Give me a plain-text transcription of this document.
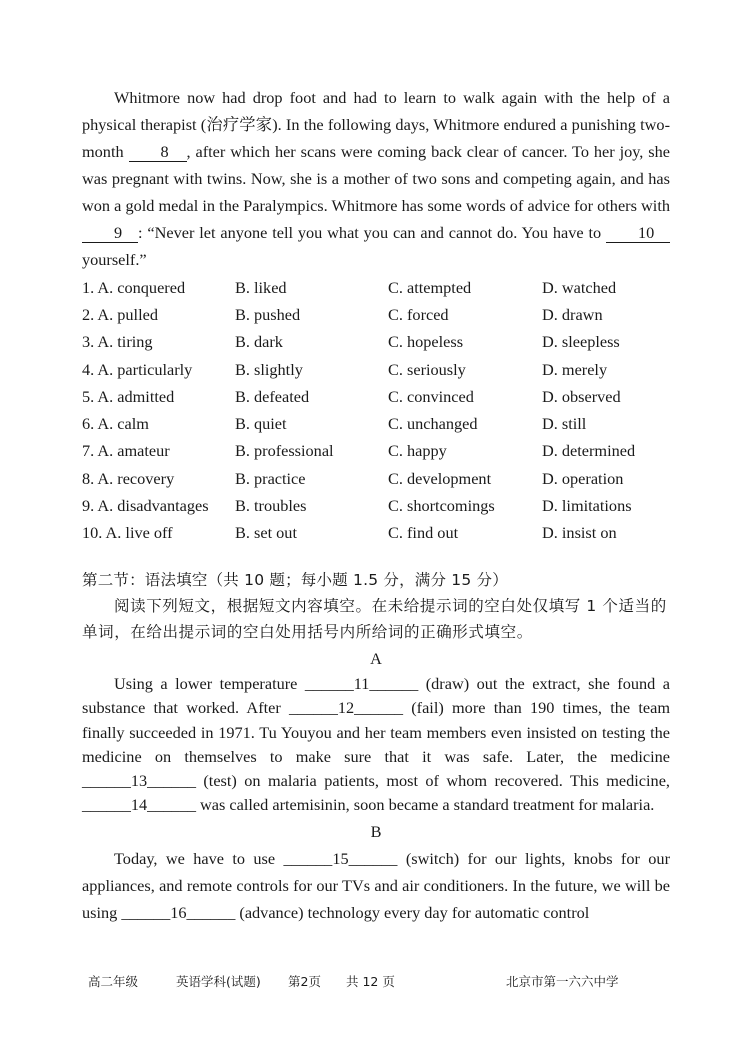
Whitmore now had drop foot and had to learn to walk again with the help of a physical therapist (治疗学家). In the following days, Whitmore endured a punishing two-month 8 , after which her scans were coming back clear of cancer. To her joy, she was pregnant with twins. Now, she is a mother of two sons and competing again, and has won a gold medal in the Paralympics. Whitmore has some words of advice for others with 9 : “Never let anyone tell you what you can and cannot do. You have to 10 yourself.”

1. A. conquered	B. liked	C. attempted	D. watched
2. A. pulled	B. pushed	C. forced	D. drawn
3. A. tiring	B. dark	C. hopeless	D. sleepless
4. A. particularly	B. slightly	C. seriously	D. merely
5. A. admitted	B. defeated	C. convinced	D. observed
6. A. calm	B. quiet	C. unchanged	D. still
7. A. amateur	B. professional	C. happy	D. determined
8. A. recovery	B. practice	C. development	D. operation
9. A. disadvantages	B. troubles	C. shortcomings	D. limitations
10. A. live off	B. set out	C. find out	D. insist on
第二节：语法填空（共 10 题；每小题 1.5 分，满分 15 分）

阅读下列短文，根据短文内容填空。在未给提示词的空白处仅填写 1 个适当的单词，在给出提示词的空白处用括号内所给词的正确形式填空。

A

Using a lower temperature ______11______ (draw) out the extract, she found a substance that worked. After ______12______ (fail) more than 190 times, the team finally succeeded in 1971. Tu Youyou and her team members even insisted on testing the medicine on themselves to make sure that it was safe. Later, the medicine ______13______ (test) on malaria patients, most of whom recovered. This medicine, ______14______ was called artemisinin, soon became a standard treatment for malaria.

B

Today, we have to use ______15______ (switch) for our lights, knobs for our appliances, and remote controls for our TVs and air conditioners. In the future, we will be using ______16______ (advance) technology every day for automatic control

高二年级	英语学科(试题) 第2页 共 12 页	北京市第一六六中学
